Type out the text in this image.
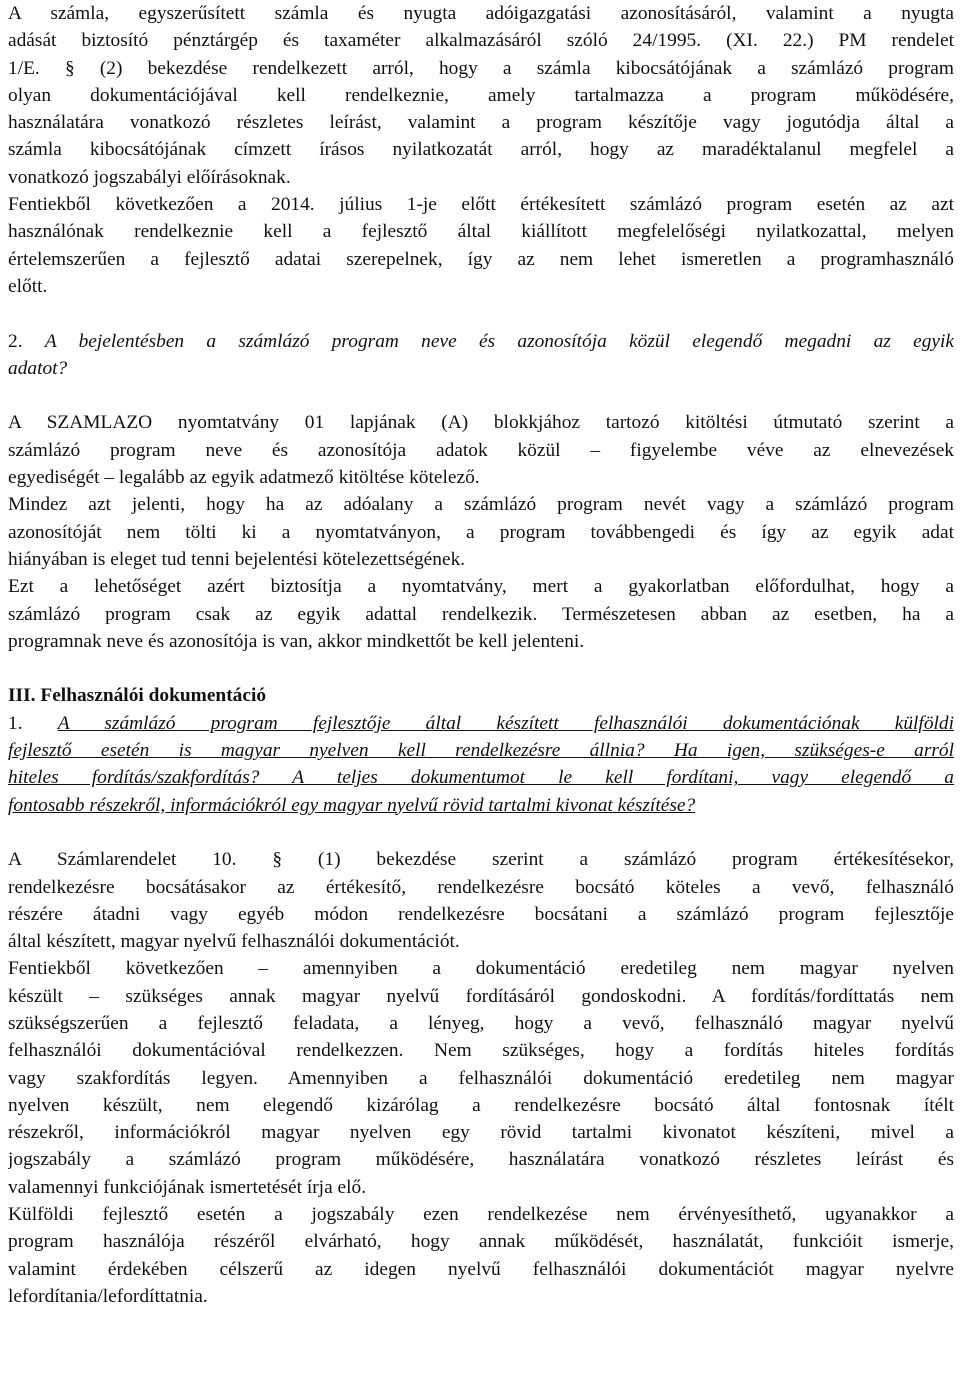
A számla, egyszerűsített számla és nyugta adóigazgatási azonosításáról, valamint a nyugta
adását biztosító pénztárgép és taxaméter alkalmazásáról szóló 24/1995. (XI. 22.) PM rendelet
1/E. § (2) bekezdése rendelkezett arról, hogy a számla kibocsátójának a számlázó program
olyan dokumentációjával kell rendelkeznie, amely tartalmazza a program működésére,
használatára vonatkozó részletes leírást, valamint a program készítője vagy jogutódja által a
számla kibocsátójának címzett írásos nyilatkozatát arról, hogy az maradéktalanul megfelel a
vonatkozó jogszabályi előírásoknak.
Fentiekből következően a 2014. július 1-je előtt értékesített számlázó program esetén az azt
használónak rendelkeznie kell a fejlesztő által kiállított megfelelőségi nyilatkozattal, melyen
értelemszerűen a fejlesztő adatai szerepelnek, így az nem lehet ismeretlen a programhasználó
előtt.
2. A bejelentésben a számlázó program neve és azonosítója közül elegendő megadni az egyik
adatot?
A SZAMLAZO nyomtatvány 01 lapjának (A) blokkjához tartozó kitöltési útmutató szerint a
számlázó program neve és azonosítója adatok közül – figyelembe véve az elnevezések
egyediségét – legalább az egyik adatmező kitöltése kötelező.
Mindez azt jelenti, hogy ha az adóalany a számlázó program nevét vagy a számlázó program
azonosítóját nem tölti ki a nyomtatványon, a program továbbengedi és így az egyik adat
hiányában is eleget tud tenni bejelentési kötelezettségének.
Ezt a lehetőséget azért biztosítja a nyomtatvány, mert a gyakorlatban előfordulhat, hogy a
számlázó program csak az egyik adattal rendelkezik. Természetesen abban az esetben, ha a
programnak neve és azonosítója is van, akkor mindkettőt be kell jelenteni.
III. Felhasználói dokumentáció
1. A számlázó program fejlesztője által készített felhasználói dokumentációnak külföldi
fejlesztő esetén is magyar nyelven kell rendelkezésre állnia? Ha igen, szükséges-e arról
hiteles fordítás/szakfordítás? A teljes dokumentumot le kell fordítani, vagy elegendő a
fontosabb részekről, információkról egy magyar nyelvű rövid tartalmi kivonat készítése?
A Számlarendelet 10. § (1) bekezdése szerint a számlázó program értékesítésekor,
rendelkezésre bocsátásakor az értékesítő, rendelkezésre bocsátó köteles a vevő, felhasználó
részére átadni vagy egyéb módon rendelkezésre bocsátani a számlázó program fejlesztője
által készített, magyar nyelvű felhasználói dokumentációt.
Fentiekből következően – amennyiben a dokumentáció eredetileg nem magyar nyelven
készült – szükséges annak magyar nyelvű fordításáról gondoskodni. A fordítás/fordíttatás nem
szükségszerűen a fejlesztő feladata, a lényeg, hogy a vevő, felhasználó magyar nyelvű
felhasználói dokumentációval rendelkezzen. Nem szükséges, hogy a fordítás hiteles fordítás
vagy szakfordítás legyen. Amennyiben a felhasználói dokumentáció eredetileg nem magyar
nyelven készült, nem elegendő kizárólag a rendelkezésre bocsátó által fontosnak ítélt
részekről, információkról magyar nyelven egy rövid tartalmi kivonatot készíteni, mivel a
jogszabály a számlázó program működésére, használatára vonatkozó részletes leírást és
valamennyi funkciójának ismertetését írja elő.
Külföldi fejlesztő esetén a jogszabály ezen rendelkezése nem érvényesíthető, ugyanakkor a
program használója részéről elvárható, hogy annak működését, használatát, funkcióit ismerje,
valamint érdekében célszerű az idegen nyelvű felhasználói dokumentációt magyar nyelvre
lefordítania/lefordíttatnia.
